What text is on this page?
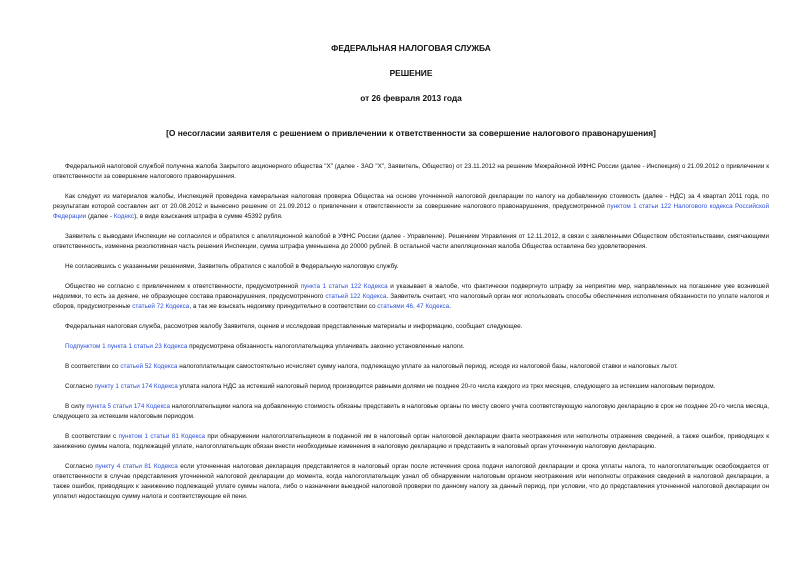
ФЕДЕРАЛЬНАЯ НАЛОГОВАЯ СЛУЖБА
РЕШЕНИЕ
от 26 февраля 2013 года
[О несогласии заявителя с решением о привлечении к ответственности за совершение налогового правонарушения]

Федеральной налоговой службой получена жалоба Закрытого акционерного общества "Х" (далее - ЗАО "Х", Заявитель, Общество) от 23.11.2012 на решение Межрайонной ИФНС России (далее - Инспекция) о 21.09.2012 о привлечении к ответственности за совершение налогового правонарушения.

Как следует из материалов жалобы, Инспекцией проведена камеральная налоговая проверка Общества на основе уточненной налоговой декларации по налогу на добавленную стоимость (далее - НДС) за 4 квартал 2011 года, по результатам которой составлен акт от 20.08.2012 и вынесено решение от 21.09.2012 о привлечении к ответственности за совершение налогового правонарушения, предусмотренной пунктом 1 статьи 122 Налогового кодекса Российской Федерации (далее - Кодекс), в виде взыскания штрафа в сумме 45392 рубля.

Заявитель с выводами Инспекции не согласился и обратился с апелляционной жалобой в УФНС России (далее - Управление). Решением Управления от 12.11.2012, в связи с заявленными Обществом обстоятельствами, смягчающими ответственность, изменена резолютивная часть решения Инспекции, сумма штрафа уменьшена до 20000 рублей. В остальной части апелляционная жалоба Общества оставлена без удовлетворения.

Не согласившись с указанными решениями, Заявитель обратился с жалобой в Федеральную налоговую службу.

Общество не согласно с привлечением к ответственности, предусмотренной пункта 1 статьи 122 Кодекса и указывает в жалобе, что фактически подвергнуто штрафу за неприятие мер, направленных на погашение уже возникшей недоимки, то есть за деяние, не образующее состава правонарушения, предусмотренного статьей 122 Кодекса. Заявитель считает, что налоговый орган мог использовать способы обеспечения исполнения обязанности по уплате налогов и сборов, предусмотренные статьей 72 Кодекса, а так же взыскать недоимку принудительно в соответствии со статьями 46, 47 Кодекса.

Федеральная налоговая служба, рассмотрев жалобу Заявителя, оценив и исследовав представленные материалы и информацию, сообщает следующее.

Подпунктом 1 пункта 1 статьи 23 Кодекса предусмотрена обязанность налогоплательщика уплачивать законно установленные налоги.

В соответствии со статьей 52 Кодекса налогоплательщик самостоятельно исчисляет сумму налога, подлежащую уплате за налоговый период, исходя из налоговой базы, налоговой ставки и налоговых льгот.

Согласно пункту 1 статьи 174 Кодекса уплата налога НДС за истекший налоговый период производится равными долями не позднее 20-го числа каждого из трех месяцев, следующего за истекшим налоговым периодом.

В силу пункта 5 статьи 174 Кодекса налогоплательщики налога на добавленную стоимость обязаны представить в налоговые органы по месту своего учета соответствующую налоговую декларацию в срок не позднее 20-го числа месяца, следующего за истекшим налоговым периодом.

В соответствии с пунктом 1 статьи 81 Кодекса при обнаружении налогоплательщиком в поданной им в налоговый орган налоговой декларации факта неотражения или неполноты отражения сведений, а также ошибок, приводящих к занижению суммы налога, подлежащей уплате, налогоплательщик обязан внести необходимые изменения в налоговую декларацию и представить в налоговый орган уточненную налоговую декларацию.

Согласно пункту 4 статьи 81 Кодекса если уточненная налоговая декларация представляется в налоговый орган после истечения срока подачи налоговой декларации и срока уплаты налога, то налогоплательщик освобождается от ответственности в случае представления уточненной налоговой декларации до момента, когда налогоплательщик узнал об обнаружении налоговым органом неотражения или неполноты отражения сведений в налоговой декларации, а также ошибок, приводящих к занижению подлежащей уплате суммы налога, либо о назначении выездной налоговой проверки по данному налогу за данный период, при условии, что до представления уточненной налоговой декларации он уплатил недостающую сумму налога и соответствующие ей пени.
